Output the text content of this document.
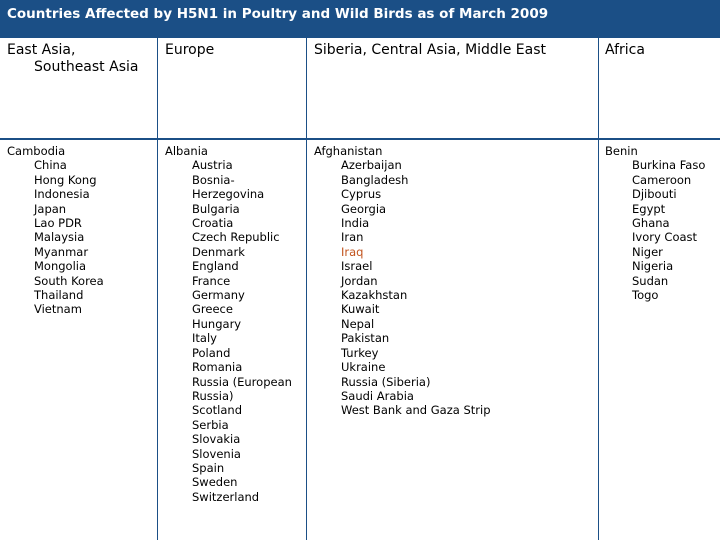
Countries Affected by H5N1 in Poultry and Wild Birds as of March 2009
East Asia,
Southeast Asia
Europe	Siberia, Central Asia, Middle East	Africa
Cambodia
China
Hong Kong
Indonesia
Japan
Lao PDR
Malaysia
Myanmar
Mongolia
South Korea
Thailand
Vietnam
Albania
Austria
Bosnia-
Herzegovina
Bulgaria
Croatia
Czech Republic
Denmark
England
France
Germany
Greece
Hungary
Italy
Poland
Romania
Russia (European
Russia)
Scotland
Serbia
Slovakia
Slovenia
Spain
Sweden
Switzerland
Afghanistan
Azerbaijan
Bangladesh
Cyprus
Georgia
India
Iran
Iraq
Israel
Jordan
Kazakhstan
Kuwait
Nepal
Pakistan
Turkey
Ukraine
Russia (Siberia)
Saudi Arabia
West Bank and Gaza Strip
Benin
Burkina Faso
Cameroon
Djibouti
Egypt
Ghana
Ivory Coast
Niger
Nigeria
Sudan
Togo
